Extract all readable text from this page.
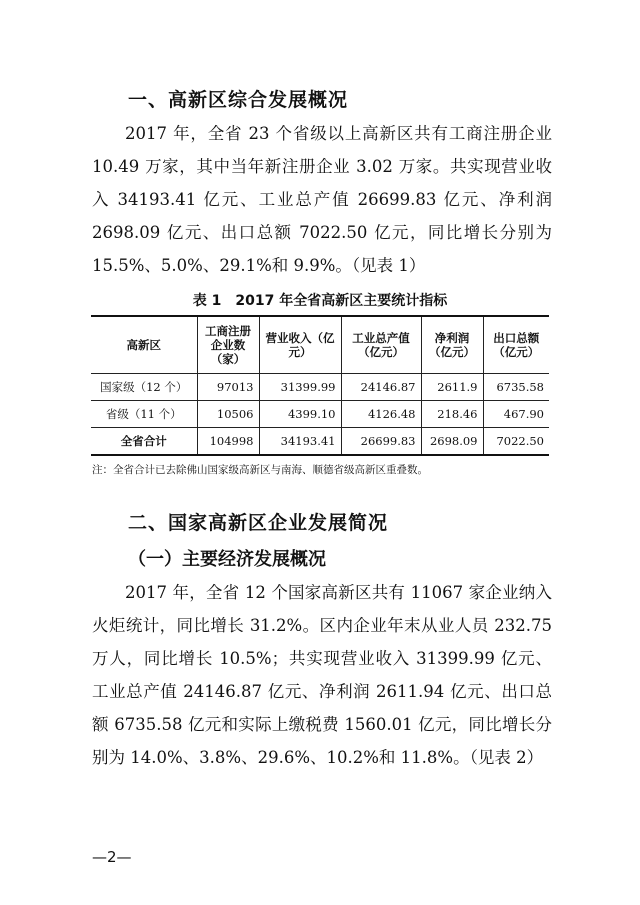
一、高新区综合发展概况

2017 年，全省 23 个省级以上高新区共有工商注册企业 10.49 万家，其中当年新注册企业 3.02 万家。共实现营业收入 34193.41 亿元、工业总产值 26699.83 亿元、净利润 2698.09 亿元、出口总额 7022.50 亿元，同比增长分别为 15.5%、5.0%、29.1%和 9.9%。（见表 1）

表 1　2017 年全省高新区主要统计指标
高新区	工商注册企业数（家）	营业收入（亿元）	工业总产值（亿元）	净利润（亿元）	出口总额（亿元）
国家级（12 个）	97013	31399.99	24146.87	2611.9	6735.58
省级（11 个）	10506	4399.10	4126.48	218.46	467.90
全省合计	104998	34193.41	26699.83	2698.09	7022.50
注：全省合计已去除佛山国家级高新区与南海、顺德省级高新区重叠数。
二、国家高新区企业发展简况
（一）主要经济发展概况

2017 年，全省 12 个国家高新区共有 11067 家企业纳入火炬统计，同比增长 31.2%。区内企业年末从业人员 232.75 万人，同比增长 10.5%；共实现营业收入 31399.99 亿元、工业总产值 24146.87 亿元、净利润 2611.94 亿元、出口总额 6735.58 亿元和实际上缴税费 1560.01 亿元，同比增长分别为 14.0%、3.8%、29.6%、10.2%和 11.8%。（见表 2）

—2—
